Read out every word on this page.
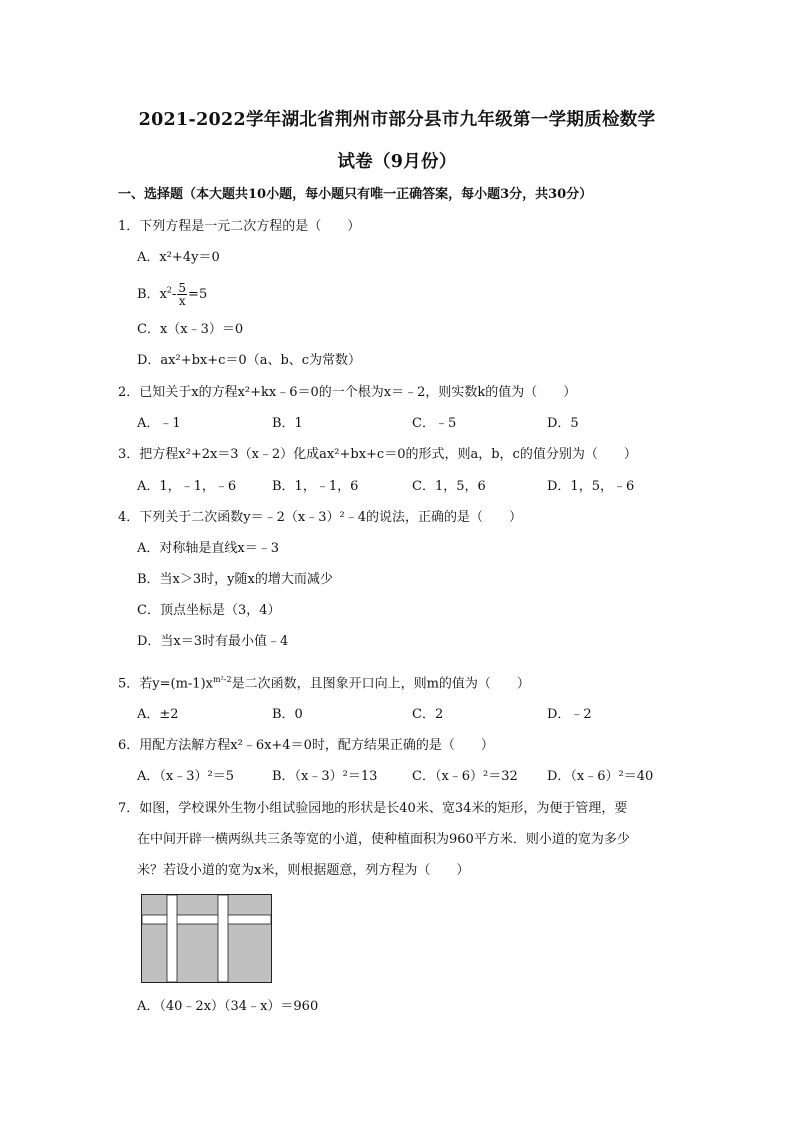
2021-2022学年湖北省荆州市部分县市九年级第一学期质检数学
试卷（9月份）
一、选择题（本大题共10小题，每小题只有唯一正确答案，每小题3分，共30分）
1．下列方程是一元二次方程的是（　　）
A．x²+4y＝0
B．$x^2- \frac{5}{x} =5$
C．x（x﹣3）＝0
D．ax²+bx+c＝0（a、b、c为常数）
2．已知关于x的方程x²+kx﹣6＝0的一个根为x＝﹣2，则实数k的值为（　　）
A．﹣1	B．1	C．﹣5	D．5
3．把方程x²+2x＝3（x﹣2）化成ax²+bx+c＝0的形式，则a，b，c的值分别为（　　）
A．1，﹣1，﹣6	B．1，﹣1，6	C．1，5，6	D．1，5，﹣6
4．下列关于二次函数y＝﹣2（x﹣3）²﹣4的说法，正确的是（　　）
A．对称轴是直线x＝﹣3
B．当x＞3时，y随x的增大而减少
C．顶点坐标是（3，4）
D．当x＝3时有最小值﹣4
5．若$y=(m-1)x^{m^2-2}$是二次函数，且图象开口向上，则m的值为（　　）
A．±2	B．0	C．2	D．﹣2
6．用配方法解方程x²﹣6x+4＝0时，配方结果正确的是（　　）
A．（x﹣3）²＝5	B．（x﹣3）²＝13	C．（x﹣6）²＝32 D．（x﹣6）²＝40
7．如图，学校课外生物小组试验园地的形状是长40米、宽34米的矩形，为便于管理，要
在中间开辟一横两纵共三条等宽的小道，使种植面积为960平方米．则小道的宽为多少
米？若设小道的宽为x米，则根据题意，列方程为（　　）
A．（40﹣2x）（34﹣x）＝960
